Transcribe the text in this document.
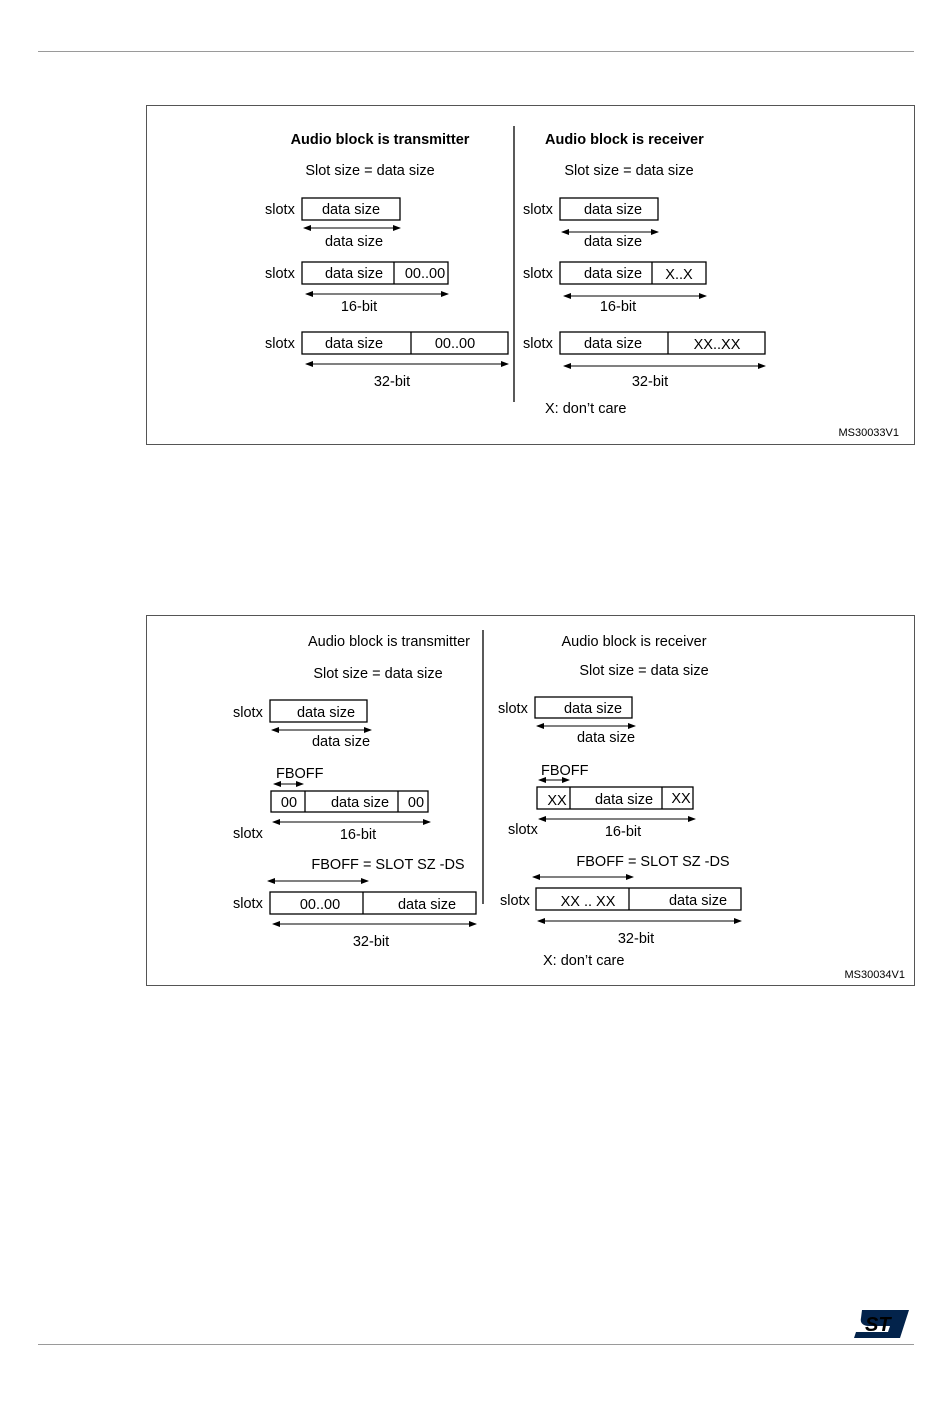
Audio block is transmitter
Slot size = data size
slotx data size
data size
slotx data size 00..00
16-bit
slotx data size	00..00
32-bit
Audio block is receiver
Slot size = data size
slotx data size
data size
slotx data size X..X
16-bit
slotx data size	XX..XX
32-bit
X: don’t care
MS30033V1
Audio block is transmitter
Slot size = data size
slotx data size
data size
FBOFF
00 data size 00
slotx	16-bit
FBOFF = SLOT SZ -DS
slotx	00..00	data size
32-bit
Audio block is receiver
Slot size = data size
slotx data size
data size
FBOFF
XX data size XX
slotx	16-bit
FBOFF = SLOT SZ -DS
slotx XX .. XX	data size
32-bit
X: don’t care
MS30034V1
ST
